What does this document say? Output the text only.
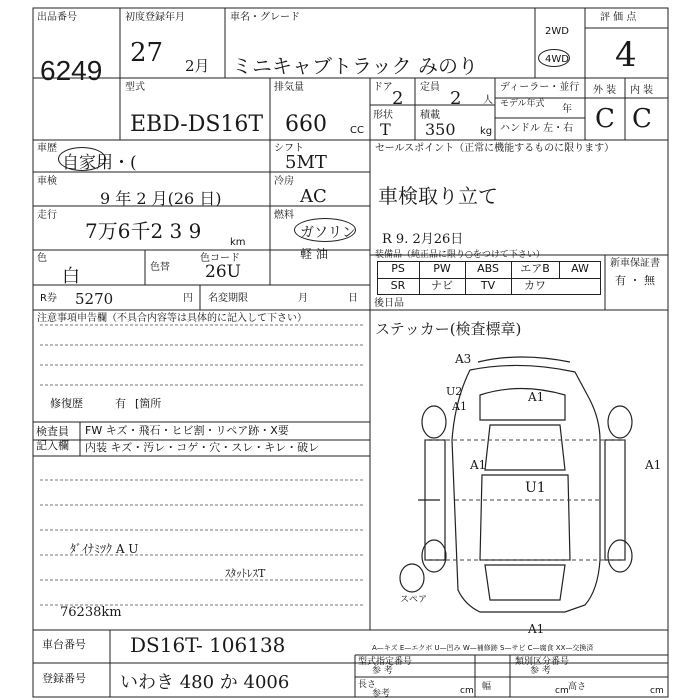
出品番号
6249
初度登録年月
27 2月
車名・グレード
ミニキャブトラック みのり
2WD
4WD
評 価 点
4
型式
EBD-DS16T
排気量
660 CC
ドア
2
定員
2 人
形状
T
積載
350 kg
ディーラー・並行
モデル年式	年
ハンドル 左・右
外 装 内 装
C C
車歴
自家用・(
シフト
5MT
車検
9 年 2 月(26 日)
冷房
AC
走行
7万6千2 3 9	km
燃料
ガソリン
軽 油
色
白	色替
色コード
26U
R券 5270	円 名変期限	月	日
セールスポイント（正常に機能するものに限ります）
車検取り立て
R 9. 2月26日
装備品（純正品に限り○をつけて下さい）
PS	PW	ABS	エアB	AW
SR	ナビ	TV	カワ
新車保証書
有 ・ 無
注意事項申告欄（不具合内容等は具体的に記入して下さい）
後日品
ステッカー(検査標章)
修復歴	有 [箇所
検査員記入欄
FW キズ・飛石・ヒビ割・リペア跡・X要
内装 キズ・汚レ・コゲ・穴・スレ・キレ・破レ
ﾀﾞｲﾅﾐﾂｸ A U
ｽﾀｯﾄﾚｽT
76238km
A3
A1
U2
A1
A1
A1
U1
A1
スペア
A—キズ E—エクボ U—凹み W—補修跡 S—サビ C—腐食 XX—交換済
車台番号 DS16T- 106138
登録番号 いわき 480 か 4006
型式指定番号
参 考
類別区分番号
参 考
長さ
参考	cm 幅	cm 高さ	cm
